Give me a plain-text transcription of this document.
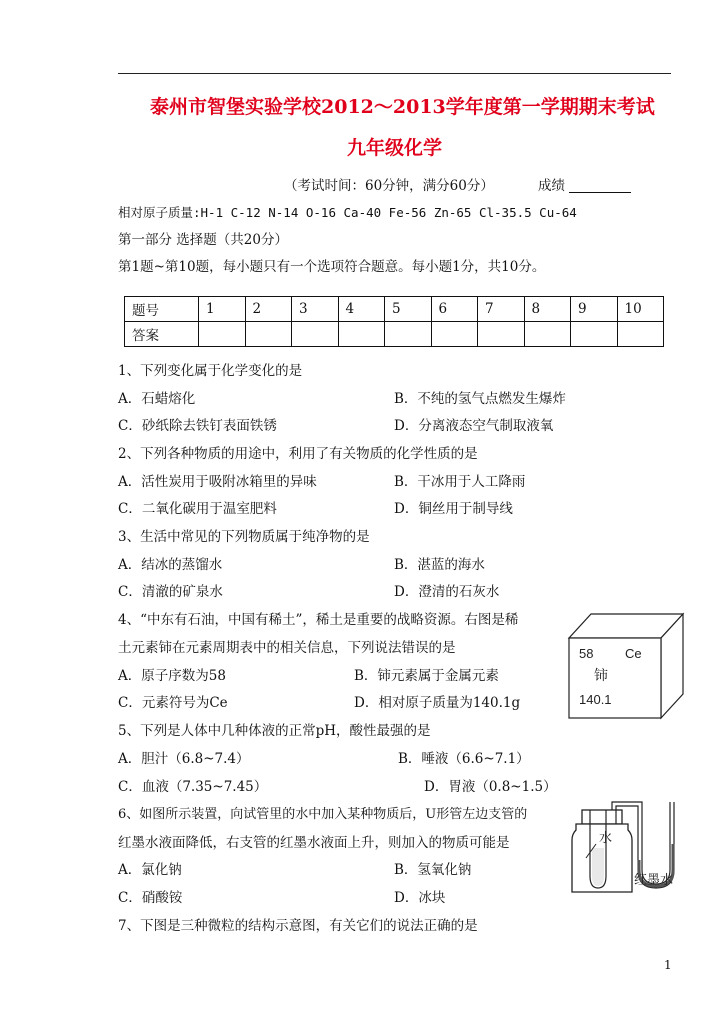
泰州市智堡实验学校2012～2013学年度第一学期期末考试
九年级化学
（考试时间：60分钟，满分60分）	成绩
相对原子质量:H-1 C-12 N-14 O-16 Ca-40 Fe-56 Zn-65 Cl-35.5 Cu-64
第一部分 选择题（共20分）
第1题~第10题，每小题只有一个选项符合题意。每小题1分，共10分。
题号	1	2	3	4	5	6	7	8	9	10
答案										
1、下列变化属于化学变化的是
A．石蜡熔化	B．不纯的氢气点燃发生爆炸
C．砂纸除去铁钉表面铁锈	D．分离液态空气制取液氧
2、下列各种物质的用途中，利用了有关物质的化学性质的是
A．活性炭用于吸附冰箱里的异味	B．干冰用于人工降雨
C．二氧化碳用于温室肥料	D．铜丝用于制导线
3、生活中常见的下列物质属于纯净物的是
A．结冰的蒸馏水	B．湛蓝的海水
C．清澈的矿泉水	D．澄清的石灰水
4、“中东有石油，中国有稀土”，稀土是重要的战略资源。右图是稀
土元素铈在元素周期表中的相关信息，下列说法错误的是
A．原子序数为58	B．铈元素属于金属元素
C．元素符号为Ce	D．相对原子质量为140.1g
58 Ce
铈
140.1
5、下列是人体中几种体液的正常pH，酸性最强的是
A．胆汁（6.8~7.4）	B．唾液（6.6~7.1）
C．血液（7.35~7.45）	D．胃液（0.8~1.5）
6、如图所示装置，向试管里的水中加入某种物质后，U形管左边支管的
红墨水液面降低，右支管的红墨水液面上升，则加入的物质可能是
A．氯化钠	B．氢氧化钠
C．硝酸铵	D．冰块
水
红墨水
7、下图是三种微粒的结构示意图，有关它们的说法正确的是
1
